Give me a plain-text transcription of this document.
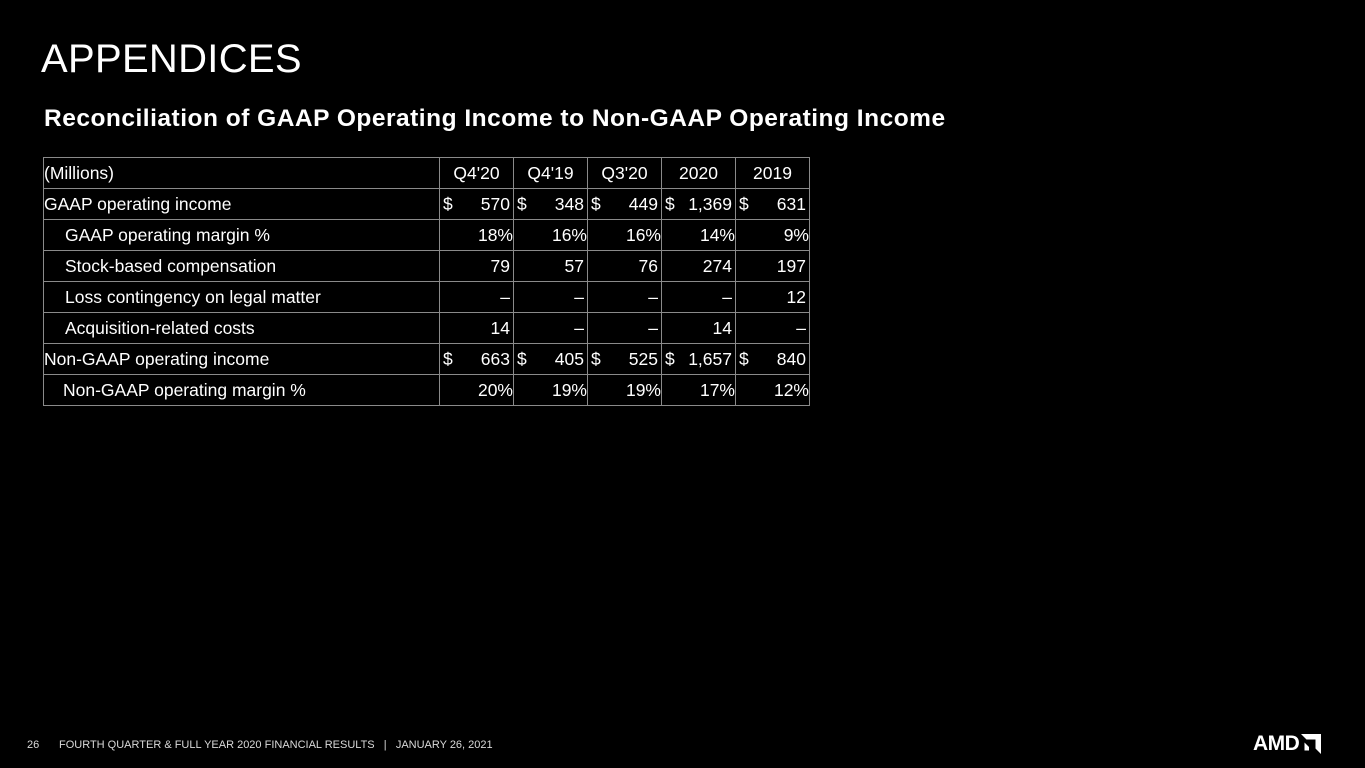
APPENDICES
Reconciliation of GAAP Operating Income to Non-GAAP Operating Income
(Millions)	Q4'20	Q4'19	Q3'20	2020	2019
GAAP operating income	$ 570	$ 348	$ 449	$ 1,369	$ 631

GAAP operating margin %	18%	16%	16%	14%	9%

Stock-based compensation	79	57	76	274	197

Loss contingency on legal matter	–	–	–	–	12

Acquisition-related costs	14	–	–	14	–

Non-GAAP operating income	$ 663	$ 405	$ 525	$ 1,657	$ 840

Non-GAAP operating margin %	20%	19%	19%	17%	12%
26 FOURTH QUARTER & FULL YEAR 2020 FINANCIAL RESULTS   |   JANUARY 26, 2021	AMD
